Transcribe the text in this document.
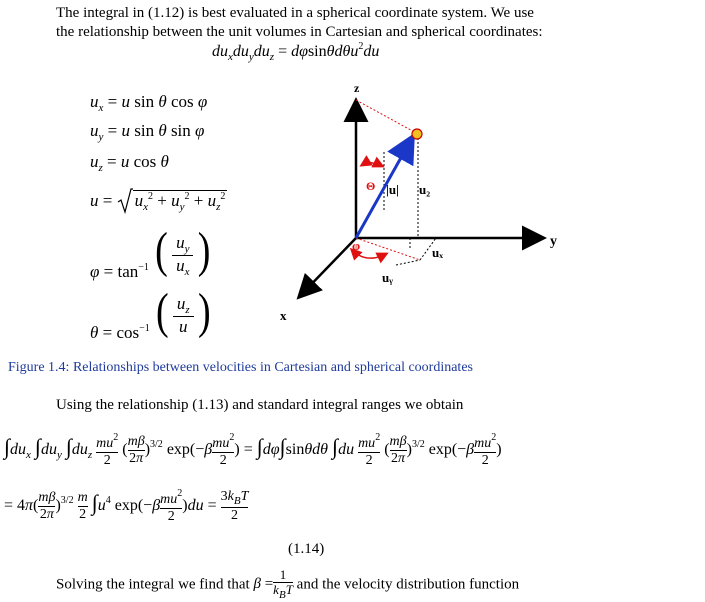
The integral in (1.12) is best evaluated in a spherical coordinate system. We use
the relationship between the unit volumes in Cartesian and spherical coordinates:
$du_xdu_ydu_z = d\varphi\sin\theta d\theta u^2du$
$u_x = u$ sin θ cos φ
$u_y = u$ sin θ sin φ
$u_z = u$ cos θ
$u = u_x^2 + u_y^2 + u_z^2$
$\varphi = \tan^{-1}$ ( $\frac{u_y}{u_x}$ )
$\theta = \cos^{-1}$ ( $\frac{u_z}{u}$ )
z
y
x
Θ
φ
|u| u₂
uₓ
uᵧ
Figure 1.4: Relationships between velocities in Cartesian and spherical coordinates
Using the relationship (1.13) and standard integral ranges we obtain
$\int du_x$ $\int du_y$ $\int du_z \frac{mu^2}{2}$ ( $\frac{m\beta}{2\pi} )^{3/2}$ $\exp(-\beta \frac{mu^2}{2}$ ) = ∫dφ∫sinθdθ $\int du \frac{mu^2}{2}$ ( $\frac{m\beta}{2\pi} )^{3/2}$ $\exp(-\beta \frac{mu^2}{2}$ )
= $4\pi( \frac{m\beta}{2\pi} )^{3/2} \frac{m}{2} \int u^4$ $\exp(-\beta \frac{mu^2}{2} )du$ =
$3k_BT$
2
(1.14)
Solving the integral we find that β =
1
$k_BT$ and the velocity distribution function
